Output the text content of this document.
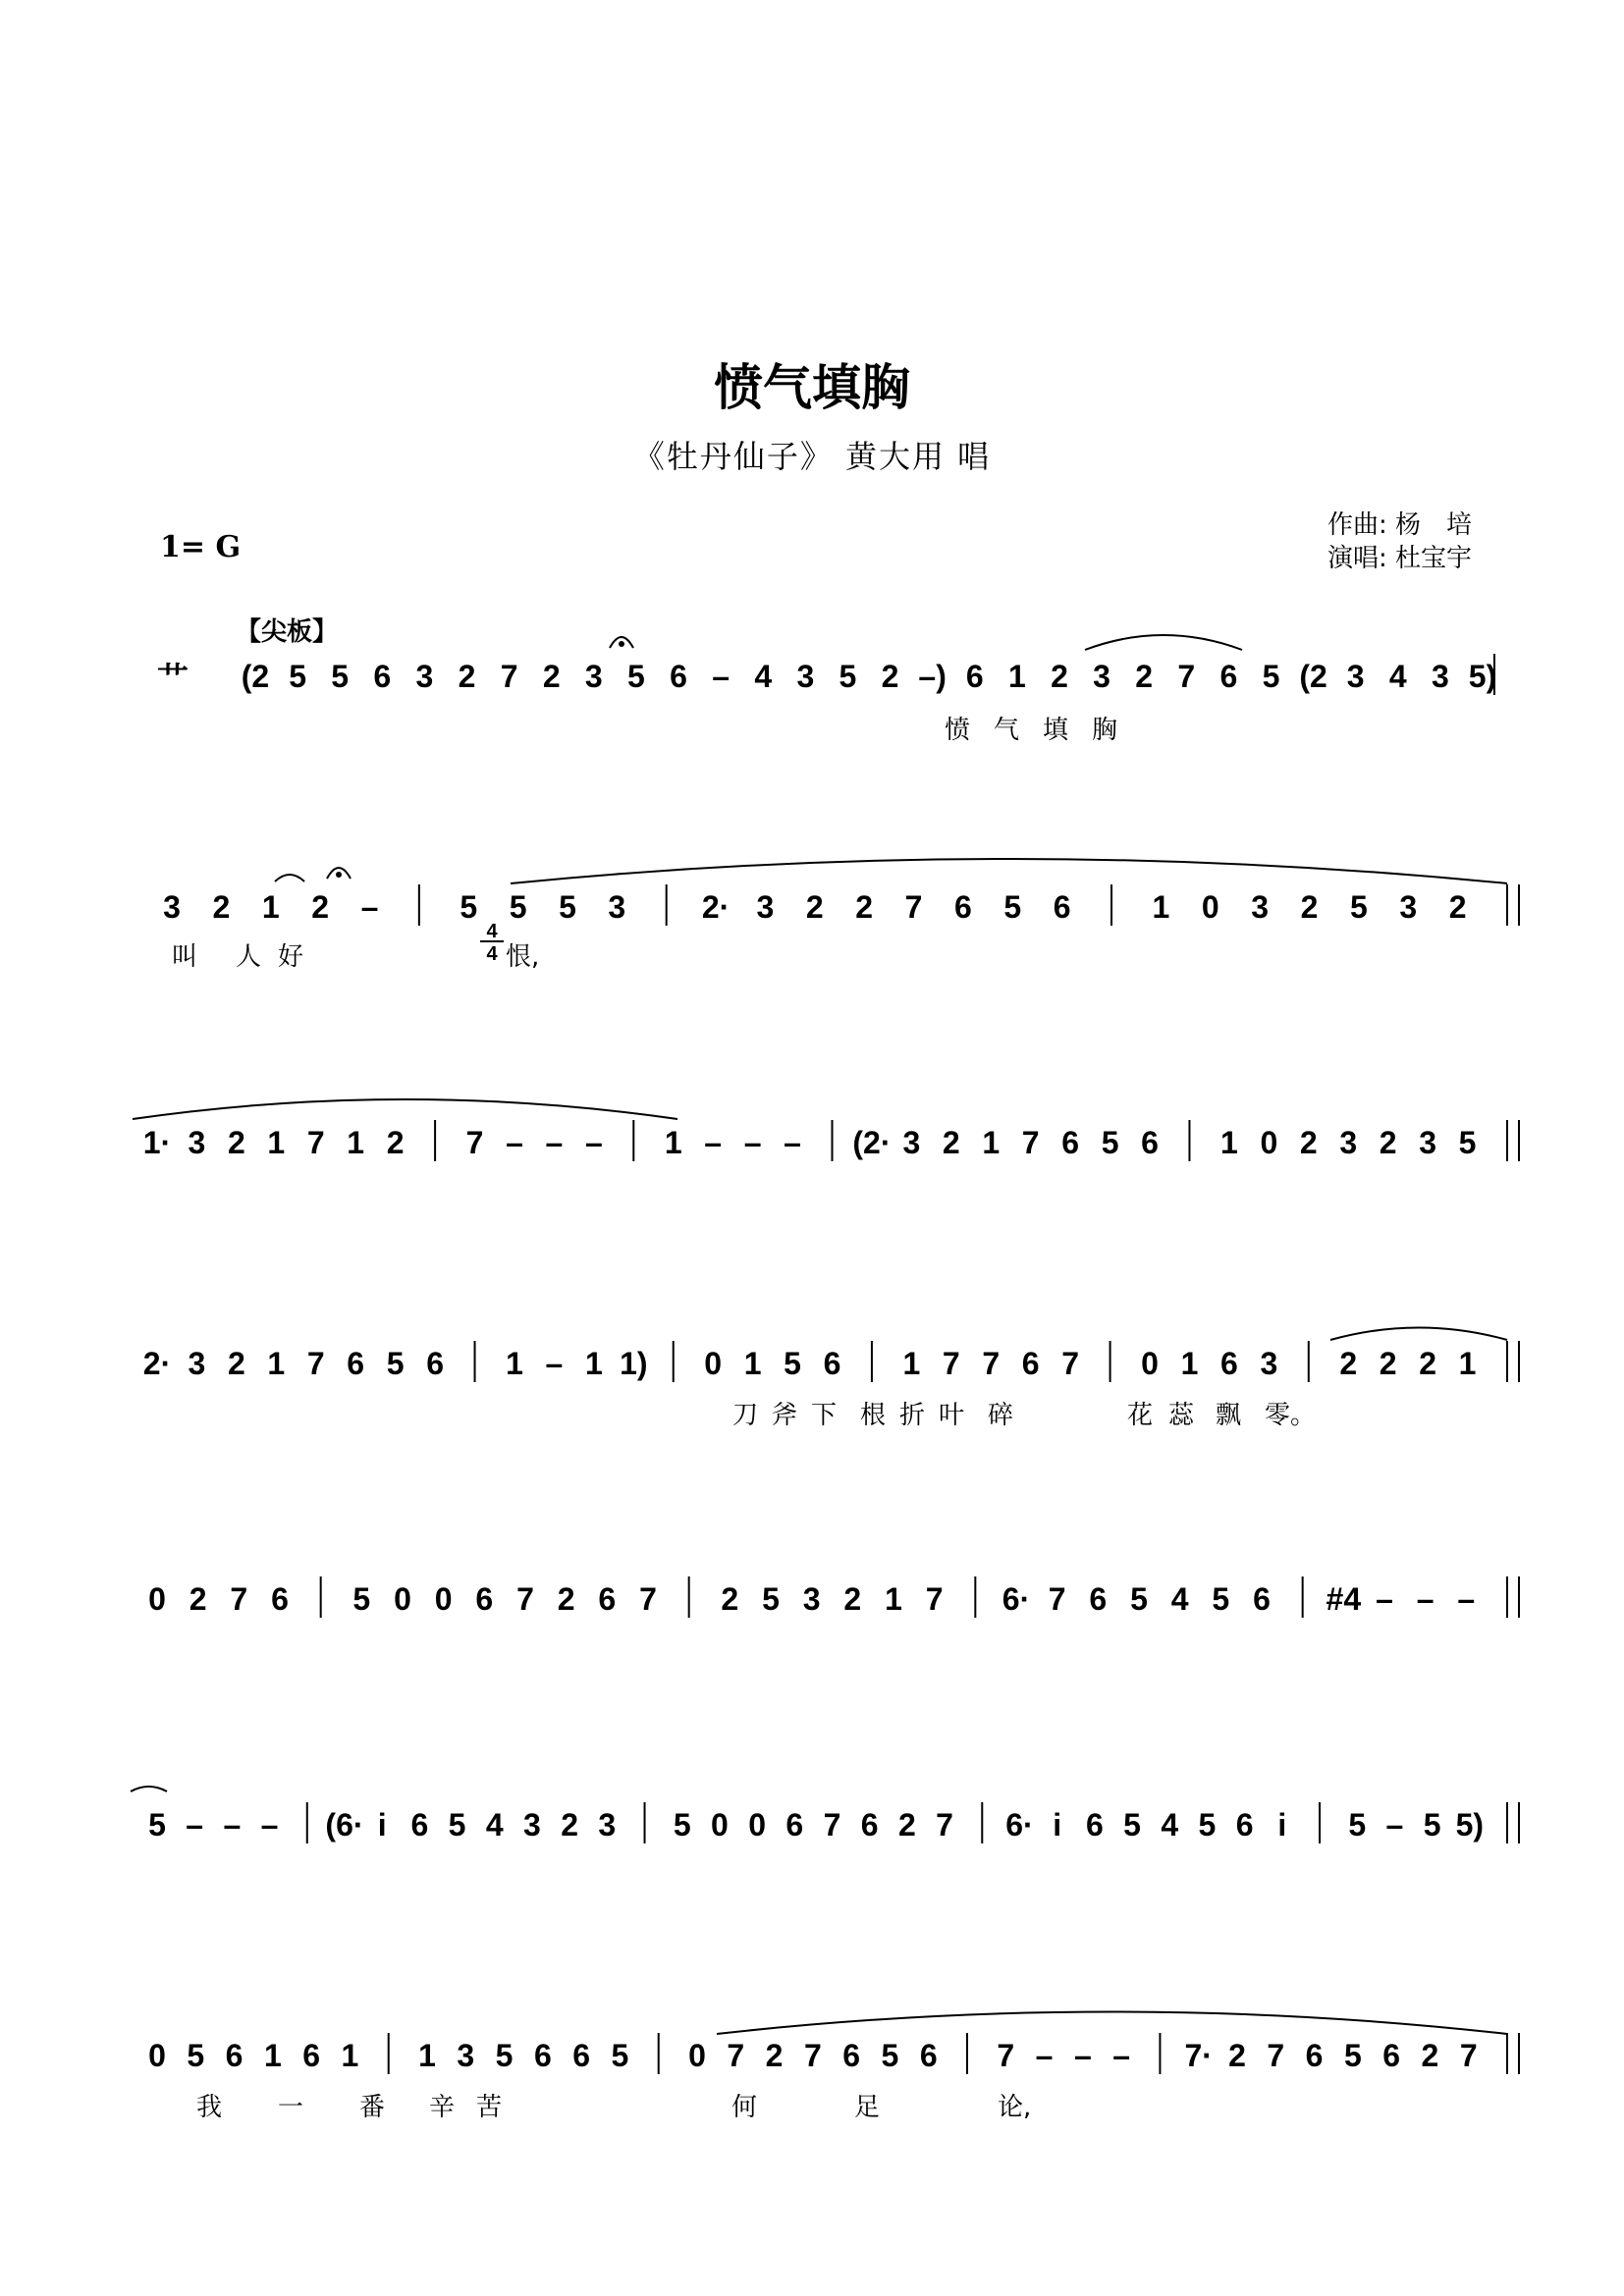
愤气填胸
《牡丹仙子》 黄大用 唱
1= G
作曲: 杨　培
演唱: 杜宝宇
【尖板】
艹
4
4
(2 5 5 6 3 2 7 2 3 5 6 – 4 3 5 2 –) 6 1 2 3 2 7 6 5 (2 3 4 3 5)
愤 气 填 胸
3 2 1 2 –	5 5 5 3 2· 3 2 2 7 6 5 6	1 0 3 2 5 3 2
叫 人 好	恨,
1· 3 2 1 7 1 2 7 – – – 1 – – – (2· 3 2 1 7 6 5 6 1 0 2 3 2 3 5
2· 3 2 1 7 6 5 6 1 – 1 1) 0 1 5 6 1 7 7 6 7 0 1 6 3 2 2 2 1
刀 斧 下 根 折 叶 碎	花 蕊 飘 零。
0 2 7 6 5 0 0 6 7 2 6 7 2 5 3 2 1 7 6· 7 6 5 4 5 6 #4 – – –
5 – – – (6· i 6 5 4 3 2 3 5 0 0 6 7 6 2 7 6· i 6 5 4 5 6 i 5 – 5 5)
0 5 6 1 6 1 1 3 5 6 6 5 0 7 2 7 6 5 6 7 – – – 7· 2 7 6 5 6 2 7
我 一 番 辛 苦	何	足	论,
